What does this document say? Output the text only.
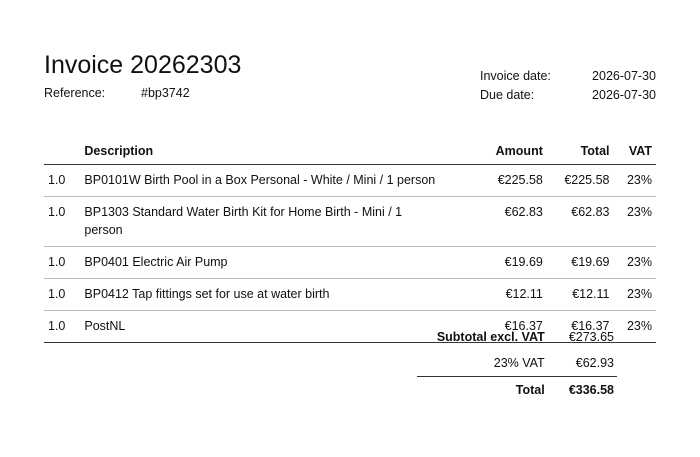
Invoice 20262303
Reference:	#bp3742
Invoice date:	2026-07-30
Due date:	2026-07-30
	Description	Amount	Total	VAT
1.0	BP0101W Birth Pool in a Box Personal - White / Mini / 1 person	€225.58	€225.58	23%
1.0	BP1303 Standard Water Birth Kit for Home Birth - Mini / 1 person	€62.83	€62.83	23%
1.0	BP0401 Electric Air Pump	€19.69	€19.69	23%
1.0	BP0412 Tap fittings set for use at water birth	€12.11	€12.11	23%
1.0	PostNL	€16.37	€16.37	23%
Subtotal excl. VAT	€273.65
23% VAT	€62.93
Total	€336.58
